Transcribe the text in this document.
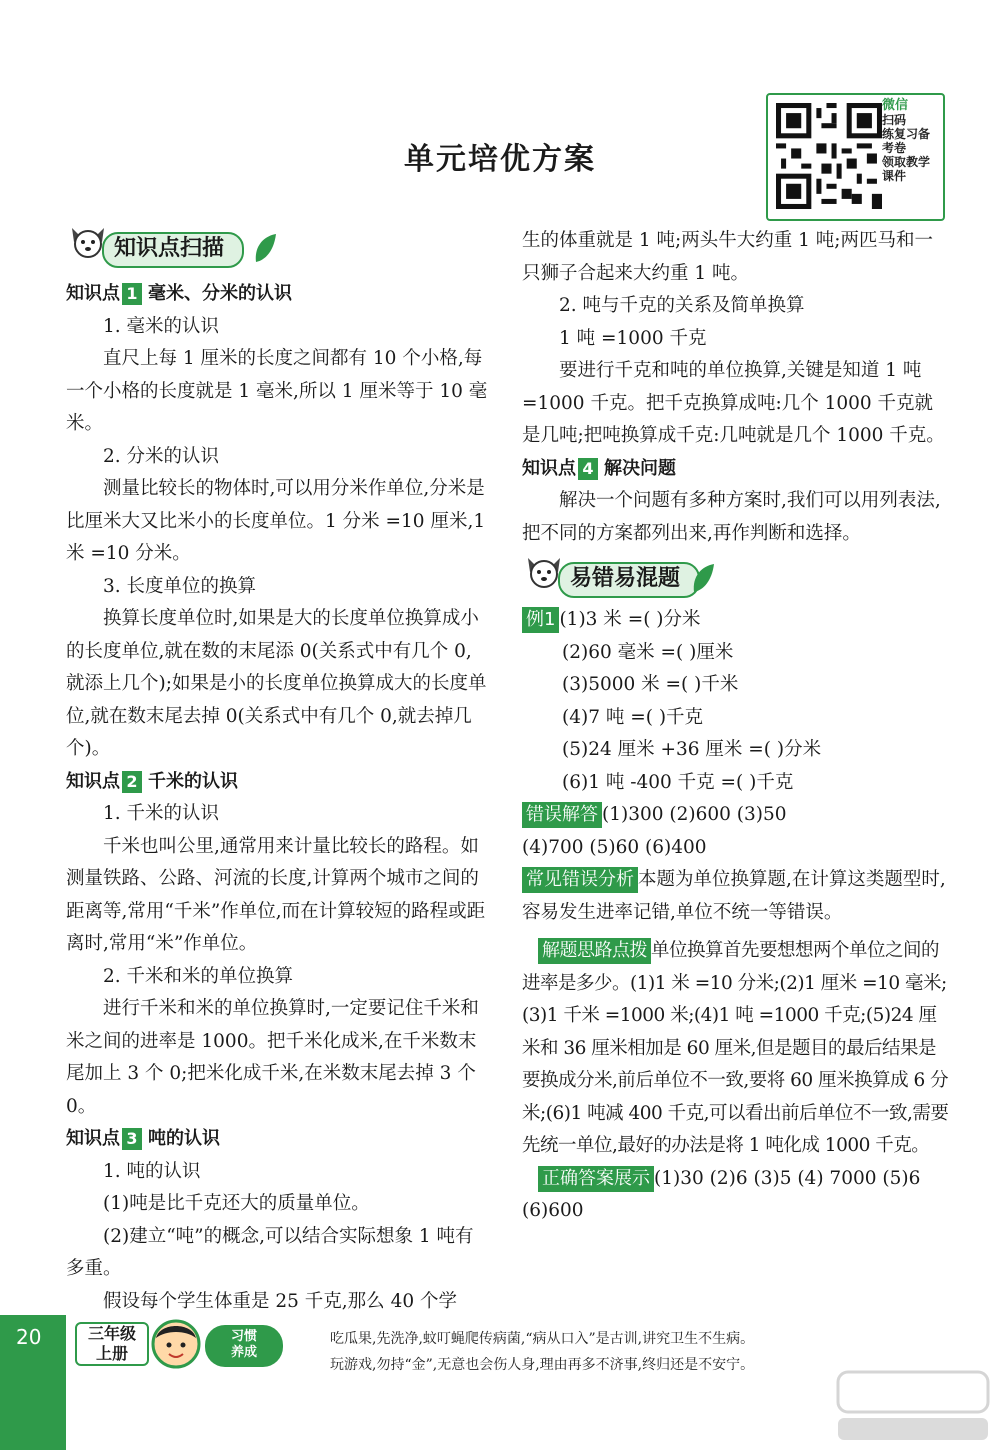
单元培优方案
微信
扫码
练复习备
考卷
领取教学
课件
知识点扫描

知识点 1 毫米、分米的认识

1. 毫米的认识

直尺上每 1 厘米的长度之间都有 10 个小格,每一个小格的长度就是 1 毫米,所以 1 厘米等于 10 毫米。

2. 分米的认识

测量比较长的物体时,可以用分米作单位,分米是比厘米大又比米小的长度单位。1 分米 =10 厘米,1 米 =10 分米。

3. 长度单位的换算

换算长度单位时,如果是大的长度单位换算成小的长度单位,就在数的末尾添 0(关系式中有几个 0,就添上几个);如果是小的长度单位换算成大的长度单位,就在数末尾去掉 0(关系式中有几个 0,就去掉几个)。

知识点 2 千米的认识

1. 千米的认识

千米也叫公里,通常用来计量比较长的路程。如测量铁路、公路、河流的长度,计算两个城市之间的距离等,常用“千米”作单位,而在计算较短的路程或距离时,常用“米”作单位。

2. 千米和米的单位换算

进行千米和米的单位换算时,一定要记住千米和米之间的进率是 1000。把千米化成米,在千米数末尾加上 3 个 0;把米化成千米,在米数末尾去掉 3 个 0。

知识点 3 吨的认识

1. 吨的认识

(1)吨是比千克还大的质量单位。

(2)建立“吨”的概念,可以结合实际想象 1 吨有多重。

假设每个学生体重是 25 千克,那么 40 个学

生的体重就是 1 吨;两头牛大约重 1 吨;两匹马和一只狮子合起来大约重 1 吨。

2. 吨与千克的关系及简单换算

1 吨 =1000 千克

要进行千克和吨的单位换算,关键是知道 1 吨 =1000 千克。把千克换算成吨:几个 1000 千克就是几吨;把吨换算成千克:几吨就是几个 1000 千克。

知识点 4 解决问题

解决一个问题有多种方案时,我们可以用列表法,把不同的方案都列出来,再作判断和选择。

易错易混题

例1 (1)3 米 =( )分米

(2)60 毫米 =( )厘米

(3)5000 米 =( )千米

(4)7 吨 =( )千克

(5)24 厘米 +36 厘米 =( )分米

(6)1 吨 -400 千克 =( )千克

错误解答 (1)300 (2)600 (3)50

(4)700 (5)60 (6)400

常见错误分析 本题为单位换算题,在计算这类题型时,容易发生进率记错,单位不统一等错误。

解题思路点拨 单位换算首先要想想两个单位之间的进率是多少。(1)1 米 =10 分米;(2)1 厘米 =10 毫米;(3)1 千米 =1000 米;(4)1 吨 =1000 千克;(5)24 厘米和 36 厘米相加是 60 厘米,但是题目的最后结果是要换成分米,前后单位不一致,要将 60 厘米换算成 6 分米;(6)1 吨减 400 千克,可以看出前后单位不一致,需要先统一单位,最好的办法是将 1 吨化成 1000 千克。

正确答案展示 (1)30 (2)6 (3)5 (4) 7000 (5)6 (6)600

20	三年级
上册
习惯
养成
吃瓜果,先洗净,蚊叮蝇爬传病菌,“病从口入”是古训,讲究卫生不生病。
玩游戏,勿持“金”,无意也会伤人身,理由再多不济事,终归还是不安宁。
